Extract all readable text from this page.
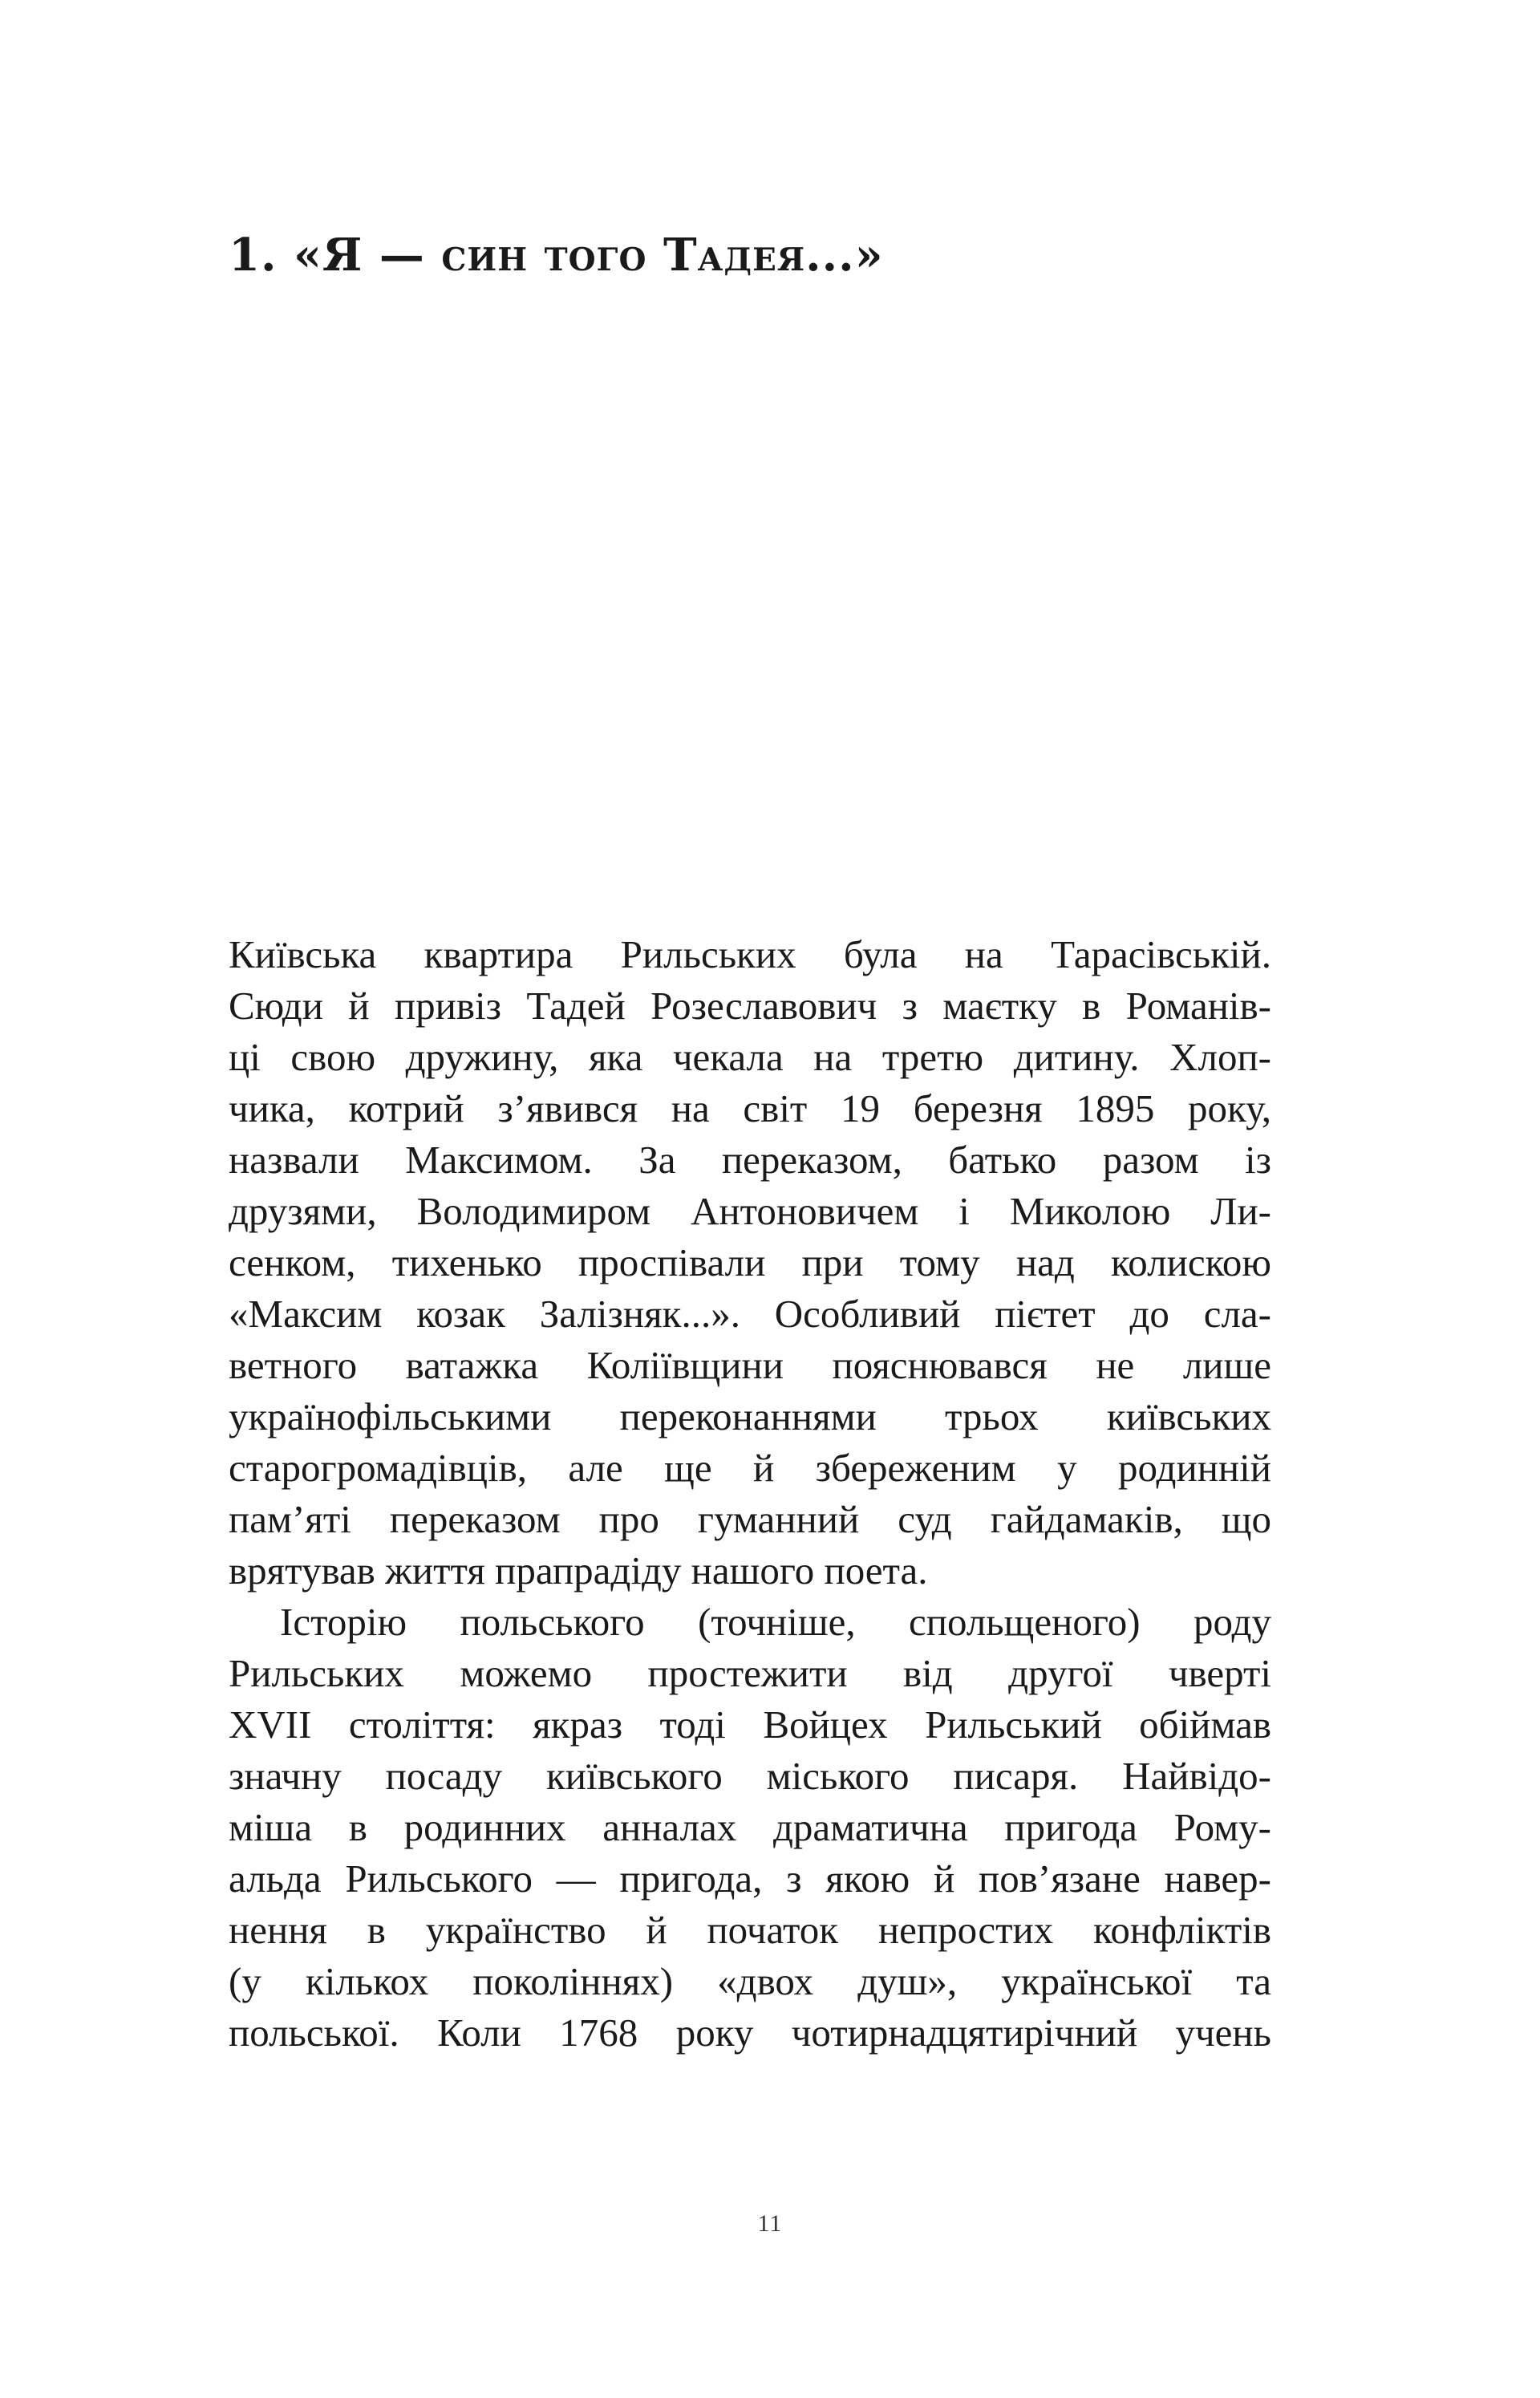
1. «Я — син того Тадея...»

Київська квартира Рильських була на Тарасівській.
Сюди й привіз Тадей Розеславович з маєтку в Романів-
ці свою дружину, яка чекала на третю дитину. Хлоп-
чика, котрий з’явився на світ 19 березня 1895 року,
назвали Максимом. За переказом, батько разом із
друзями, Володимиром Антоновичем і Миколою Ли-
сенком, тихенько проспівали при тому над колискою
«Максим козак Залізняк...». Особливий пієтет до сла-
ветного ватажка Коліївщини пояснювався не лише
українофільськими переконаннями трьох київських
старогромадівців, але ще й збереженим у родинній
пам’яті переказом про гуманний суд гайдамаків, що
врятував життя прапрадіду нашого поета.

Історію польського (точніше, спольщеного) роду
Рильських можемо простежити від другої чверті
XVII століття: якраз тоді Войцех Рильський обіймав
значну посаду київського міського писаря. Найвідо-
міша в родинних анналах драматична пригода Рому-
альда Рильського — пригода, з якою й пов’язане навер-
нення в українство й початок непростих конфліктів
(у кількох поколіннях) «двох душ», української та
польської. Коли 1768 року чотирнадцятирічний учень

11
